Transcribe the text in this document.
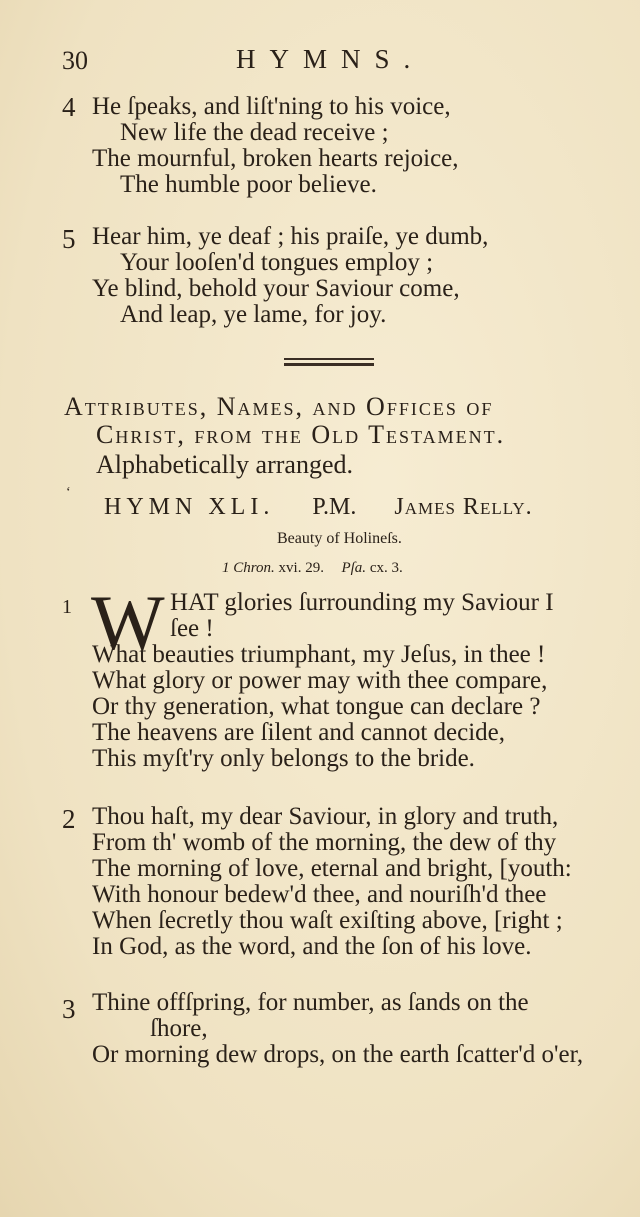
30	HYMNS.
4 He ſpeaks, and liſt'ning to his voice,
New life the dead receive ;
The mournful, broken hearts rejoice,
The humble poor believe.
5 Hear him, ye deaf ; his praiſe, ye dumb,
Your looſen'd tongues employ ;
Ye blind, behold your Saviour come,
And leap, ye lame, for joy.
Attributes, Names, and Offices of
Christ, from the Old Testament.
Alphabetically arranged.
ʻ
HYMN XLI. P.M. James Relly.
Beauty of Holineſs.
1 Chron. xvi. 29. Pſa. cx. 3.
1 W HAT glories ſurrounding my Saviour I
ſee !
What beauties triumphant, my Jeſus, in thee !
What glory or power may with thee compare,
Or thy generation, what tongue can declare ?
The heavens are ſilent and cannot decide,
This myſt'ry only belongs to the bride.
2 Thou haſt, my dear Saviour, in glory and truth,
From th' womb of the morning, the dew of thy
The morning of love, eternal and bright, [youth:
With honour bedew'd thee, and nouriſh'd thee
When ſecretly thou waſt exiſting above, [right ;
In God, as the word, and the ſon of his love.
3 Thine offſpring, for number, as ſands on the
ſhore,
Or morning dew drops, on the earth ſcatter'd o'er,
